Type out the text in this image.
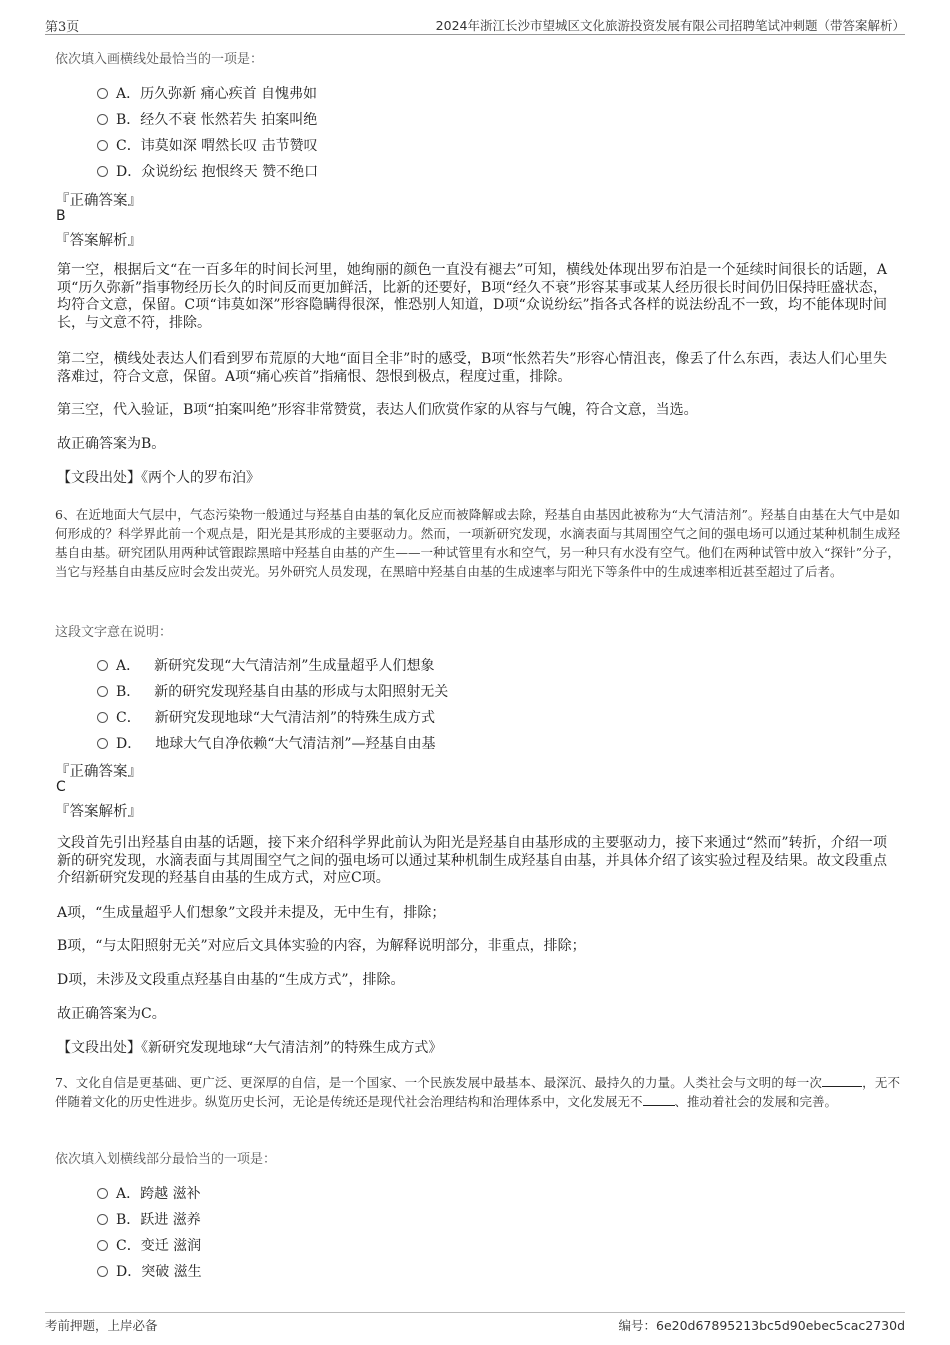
第3页	2024年浙江长沙市望城区文化旅游投资发展有限公司招聘笔试冲刺题（带答案解析）
依次填入画横线处最恰当的一项是：
A． 历久弥新 痛心疾首 自愧弗如
B． 经久不衰 怅然若失 拍案叫绝
C． 讳莫如深 喟然长叹 击节赞叹
D． 众说纷纭 抱恨终天 赞不绝口
『正确答案』
B
『答案解析』
第一空，根据后文“在一百多年的时间长河里，她绚丽的颜色一直没有褪去”可知，横线处体现出罗布泊是一个延续时间很长的话题，A项“历久弥新”指事物经历长久的时间反而更加鲜活，比新的还要好，B项“经久不衰”形容某事或某人经历很长时间仍旧保持旺盛状态，均符合文意，保留。C项“讳莫如深”形容隐瞒得很深，惟恐别人知道，D项“众说纷纭”指各式各样的说法纷乱不一致，均不能体现时间长，与文意不符，排除。
第二空，横线处表达人们看到罗布荒原的大地“面目全非”时的感受，B项“怅然若失”形容心情沮丧，像丢了什么东西，表达人们心里失落难过，符合文意，保留。A项“痛心疾首”指痛恨、怨恨到极点，程度过重，排除。
第三空，代入验证，B项“拍案叫绝”形容非常赞赏，表达人们欣赏作家的从容与气魄，符合文意，当选。
故正确答案为B。
【文段出处】《两个人的罗布泊》
6、在近地面大气层中，气态污染物一般通过与羟基自由基的氧化反应而被降解或去除，羟基自由基因此被称为“大气清洁剂”。羟基自由基在大气中是如何形成的？科学界此前一个观点是，阳光是其形成的主要驱动力。然而，一项新研究发现，水滴表面与其周围空气之间的强电场可以通过某种机制生成羟基自由基。研究团队用两种试管跟踪黑暗中羟基自由基的产生——一种试管里有水和空气，另一种只有水没有空气。他们在两种试管中放入“探针”分子，当它与羟基自由基反应时会发出荧光。另外研究人员发现，在黑暗中羟基自由基的生成速率与阳光下等条件中的生成速率相近甚至超过了后者。
这段文字意在说明：
A． 新研究发现“大气清洁剂”生成量超乎人们想象
B． 新的研究发现羟基自由基的形成与太阳照射无关
C． 新研究发现地球“大气清洁剂”的特殊生成方式
D． 地球大气自净依赖“大气清洁剂”—羟基自由基
『正确答案』
C
『答案解析』
文段首先引出羟基自由基的话题，接下来介绍科学界此前认为阳光是羟基自由基形成的主要驱动力，接下来通过“然而”转折，介绍一项新的研究发现，水滴表面与其周围空气之间的强电场可以通过某种机制生成羟基自由基，并具体介绍了该实验过程及结果。故文段重点介绍新研究发现的羟基自由基的生成方式，对应C项。
A项，“生成量超乎人们想象”文段并未提及，无中生有，排除；
B项，“与太阳照射无关”对应后文具体实验的内容，为解释说明部分，非重点，排除；
D项，未涉及文段重点羟基自由基的“生成方式”，排除。
故正确答案为C。
【文段出处】《新研究发现地球“大气清洁剂”的特殊生成方式》
7、文化自信是更基础、更广泛、更深厚的自信，是一个国家、一个民族发展中最基本、最深沉、最持久的力量。人类社会与文明的每一次	，无不伴随着文化的历史性进步。纵览历史长河，无论是传统还是现代社会治理结构和治理体系中，文化发展无不	、推动着社会的发展和完善。
依次填入划横线部分最恰当的一项是：
A． 跨越 滋补
B． 跃进 滋养
C． 变迁 滋润
D． 突破 滋生
考前押题，上岸必备	编号：6e20d67895213bc5d90ebec5cac2730d
